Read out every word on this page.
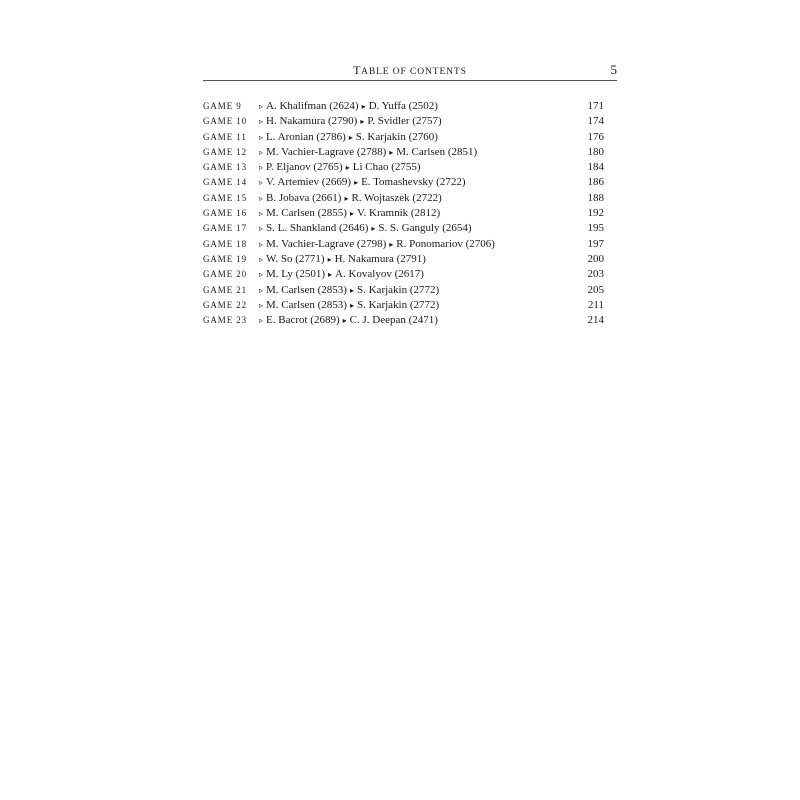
TABLE OF CONTENTS	5
GAME 9	▹ A. Khalifman (2624) ▸ D. Yuffa (2502)	171
GAME 10	▹ H. Nakamura (2790) ▸ P. Svidler (2757)	174
GAME 11	▹ L. Aronian (2786) ▸ S. Karjakin (2760)	176
GAME 12	▹ M. Vachier-Lagrave (2788) ▸ M. Carlsen (2851)	180
GAME 13	▹ P. Eljanov (2765) ▸ Li Chao (2755)	184
GAME 14	▹ V. Artemiev (2669) ▸ E. Tomashevsky (2722)	186
GAME 15	▹ B. Jobava (2661) ▸ R. Wojtaszek (2722)	188
GAME 16	▹ M. Carlsen (2855) ▸ V. Kramnik (2812)	192
GAME 17	▹ S. L. Shankland (2646) ▸ S. S. Ganguly (2654)	195
GAME 18	▹ M. Vachier-Lagrave (2798) ▸ R. Ponomariov (2706)	197
GAME 19	▹ W. So (2771) ▸ H. Nakamura (2791)	200
GAME 20	▹ M. Ly (2501) ▸ A. Kovalyov (2617)	203
GAME 21	▹ M. Carlsen (2853) ▸ S. Karjakin (2772)	205
GAME 22	▹ M. Carlsen (2853) ▸ S. Karjakin (2772)	211
GAME 23	▹ E. Bacrot (2689) ▸ C. J. Deepan (2471)	214
